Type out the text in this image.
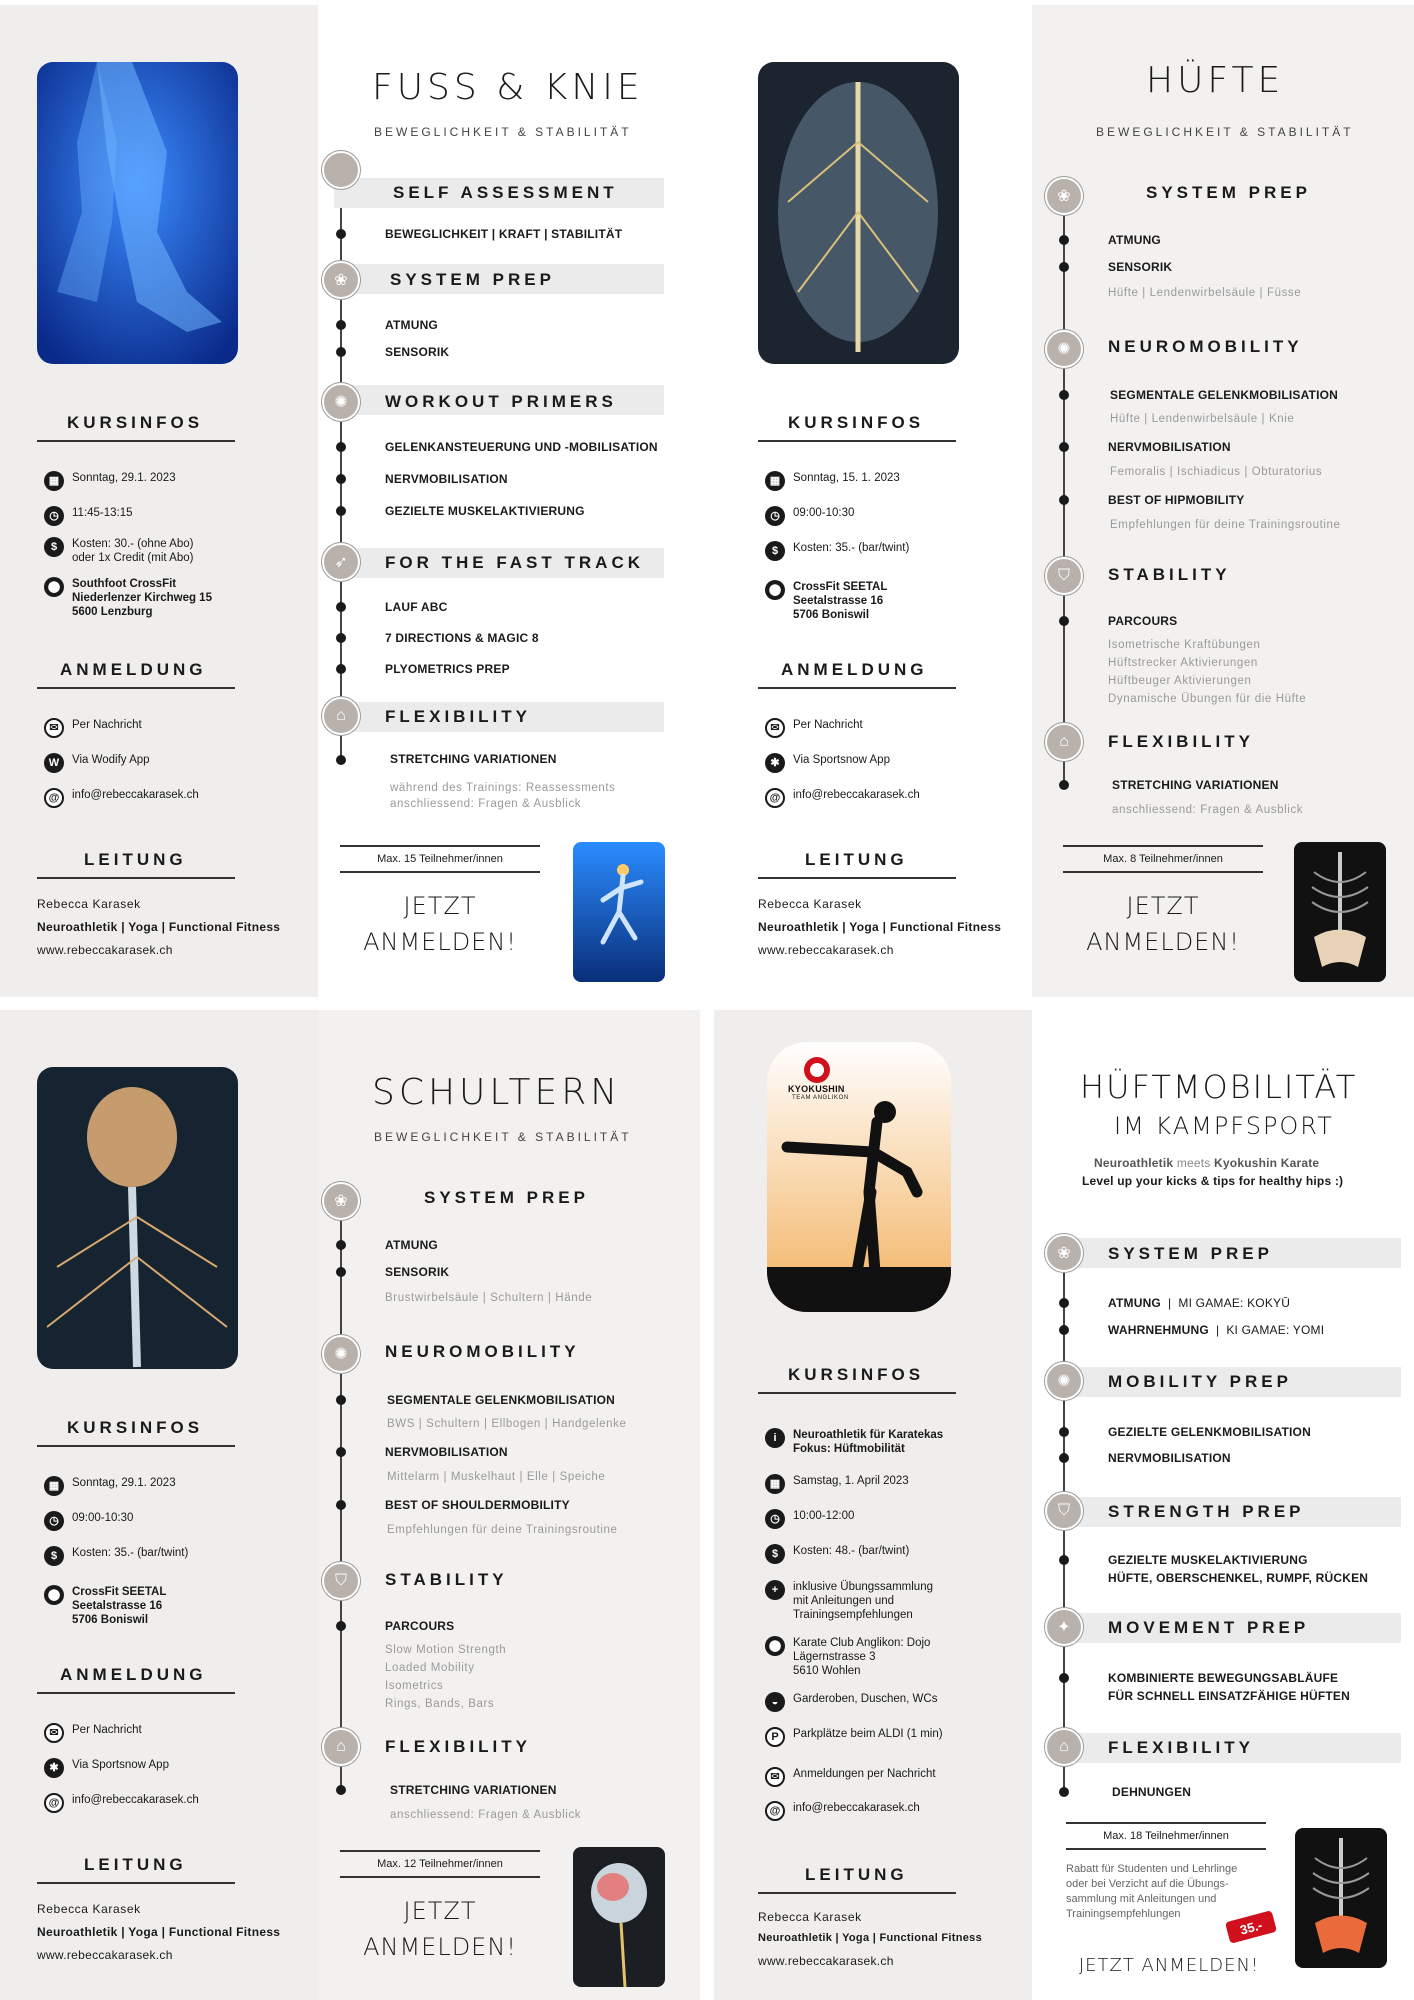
KURSINFOS
▦	Sonntag, 29.1. 2023
◷	11:45-13:15
$	Kosten: 30.- (ohne Abo)
oder 1x Credit (mit Abo)
⬤	Southfoot CrossFit
Niederlenzer Kirchweg 15
5600 Lenzburg
ANMELDUNG
✉	Per Nachricht
W	Via Wodify App
@	info@rebeccakarasek.ch
LEITUNG
Rebecca Karasek
Neuroathletik | Yoga | Functional Fitness
www.rebeccakarasek.ch
FUSS & KNIE
BEWEGLICHKEIT & STABILITÄT
SELF ASSESSMENT
BEWEGLICHKEIT | KRAFT | STABILITÄT
❀	SYSTEM PREP
ATMUNG
SENSORIK
✺	WORKOUT PRIMERS
GELENKANSTEUERUNG UND -MOBILISATION
NERVMOBILISATION
GEZIELTE MUSKELAKTIVIERUNG
➶	FOR THE FAST TRACK
LAUF ABC
7 DIRECTIONS & MAGIC 8
PLYOMETRICS PREP
⌂	FLEXIBILITY
STRETCHING VARIATIONEN
während des Trainings: Reassessments
anschliessend: Fragen & Ausblick
Max. 15 Teilnehmer/innen
JETZT
ANMELDEN!
KURSINFOS
▦	Sonntag, 15. 1. 2023
◷	09:00-10:30
$	Kosten: 35.- (bar/twint)
⬤	CrossFit SEETAL
Seetalstrasse 16
5706 Boniswil
ANMELDUNG
✉	Per Nachricht
✱	Via Sportsnow App
@	info@rebeccakarasek.ch
LEITUNG
Rebecca Karasek
Neuroathletik | Yoga | Functional Fitness
www.rebeccakarasek.ch
HÜFTE
BEWEGLICHKEIT & STABILITÄT
❀	SYSTEM PREP
ATMUNG
SENSORIK
Hüfte | Lendenwirbelsäule | Füsse
✺	NEUROMOBILITY
SEGMENTALE GELENKMOBILISATION
Hüfte | Lendenwirbelsäule | Knie
NERVMOBILISATION
Femoralis | Ischiadicus | Obturatorius
BEST OF HIPMOBILITY
Empfehlungen für deine Trainingsroutine
⛉	STABILITY
PARCOURS
Isometrische Kraftübungen
Hüftstrecker Aktivierungen
Hüftbeuger Aktivierungen
Dynamische Übungen für die Hüfte
⌂	FLEXIBILITY
STRETCHING VARIATIONEN
anschliessend: Fragen & Ausblick
Max. 8 Teilnehmer/innen
JETZT
ANMELDEN!
KURSINFOS
▦	Sonntag, 29.1. 2023
◷	09:00-10:30
$	Kosten: 35.- (bar/twint)
⬤	CrossFit SEETAL
Seetalstrasse 16
5706 Boniswil
ANMELDUNG
✉	Per Nachricht
✱	Via Sportsnow App
@	info@rebeccakarasek.ch
LEITUNG
Rebecca Karasek
Neuroathletik | Yoga | Functional Fitness
www.rebeccakarasek.ch
SCHULTERN
BEWEGLICHKEIT & STABILITÄT
❀	SYSTEM PREP
ATMUNG
SENSORIK
Brustwirbelsäule | Schultern | Hände
✺	NEUROMOBILITY
SEGMENTALE GELENKMOBILISATION
BWS | Schultern | Ellbogen | Handgelenke
NERVMOBILISATION
Mittelarm | Muskelhaut | Elle | Speiche
BEST OF SHOULDERMOBILITY
Empfehlungen für deine Trainingsroutine
⛉	STABILITY
PARCOURS
Slow Motion Strength
Loaded Mobility
Isometrics
Rings, Bands, Bars
⌂	FLEXIBILITY
STRETCHING VARIATIONEN
anschliessend: Fragen & Ausblick
Max. 12 Teilnehmer/innen
JETZT
ANMELDEN!
KYOKUSHIN
TEAM ANGLIKON
KURSINFOS
i	Neuroathletik für Karatekas
Fokus: Hüftmobilität
▦	Samstag, 1. April 2023
◷	10:00-12:00
$	Kosten: 48.- (bar/twint)
+	inklusive Übungssammlung
mit Anleitungen und
Trainingsempfehlungen
⬤	Karate Club Anglikon: Dojo
Lägernstrasse 3
5610 Wohlen
◒	Garderoben, Duschen, WCs
P	Parkplätze beim ALDI (1 min)
✉	Anmeldungen per Nachricht
@	info@rebeccakarasek.ch
LEITUNG
Rebecca Karasek
Neuroathletik | Yoga | Functional Fitness
www.rebeccakarasek.ch
HÜFTMOBILITÄT
IM KAMPFSPORT
Neuroathletik meets Kyokushin Karate
Level up your kicks & tips for healthy hips :)
❀	SYSTEM PREP
ATMUNG  |  MI GAMAE: KOKYŪ
WAHRNEHMUNG  |  KI GAMAE: YOMI
✺	MOBILITY PREP
GEZIELTE GELENKMOBILISATION
NERVMOBILISATION
⛉	STRENGTH PREP
GEZIELTE MUSKELAKTIVIERUNG
HÜFTE, OBERSCHENKEL, RUMPF, RÜCKEN
✦	MOVEMENT PREP
KOMBINIERTE BEWEGUNGSABLÄUFE
FÜR SCHNELL EINSATZFÄHIGE HÜFTEN
⌂	FLEXIBILITY
DEHNUNGEN
Max. 18 Teilnehmer/innen
Rabatt für Studenten und Lehrlinge
oder bei Verzicht auf die Übungs-
sammlung mit Anleitungen und
Trainingsempfehlungen
35.-
JETZT ANMELDEN!
